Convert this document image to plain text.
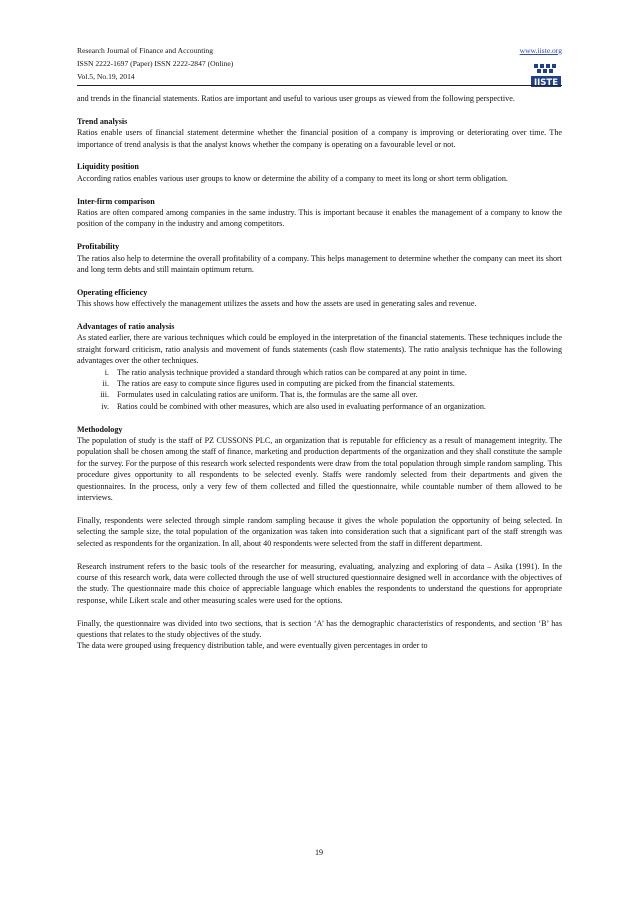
Research Journal of Finance and Accounting
ISSN 2222-1697 (Paper) ISSN 2222-2847 (Online)
Vol.5, No.19, 2014
www.iiste.org
IISTE

and trends in the financial statements. Ratios are important and useful to various user groups as viewed from the following perspective.

Trend analysis

Ratios enable users of financial statement determine whether the financial position of a company is improving or deteriorating over time. The importance of trend analysis is that the analyst knows whether the company is operating on a favourable level or not.

Liquidity position

According ratios enables various user groups to know or determine the ability of a company to meet its long or short term obligation.

Inter-firm comparison

Ratios are often compared among companies in the same industry. This is important because it enables the management of a company to know the position of the company in the industry and among competitors.

Profitability

The ratios also help to determine the overall profitability of a company. This helps management to determine whether the company can meet its short and long term debts and still maintain optimum return.

Operating efficiency

This shows how effectively the management utilizes the assets and how the assets are used in generating sales and revenue.

Advantages of ratio analysis

As stated earlier, there are various techniques which could be employed in the interpretation of the financial statements. These techniques include the straight forward criticism, ratio analysis and movement of funds statements (cash flow statements). The ratio analysis technique has the following advantages over the other techniques.

i. The ratio analysis technique provided a standard through which ratios can be compared at any point in time.
ii. The ratios are easy to compute since figures used in computing are picked from the financial statements.
iii. Formulates used in calculating ratios are uniform. That is, the formulas are the same all over.
iv. Ratios could be combined with other measures, which are also used in evaluating performance of an organization.

Methodology

The population of study is the staff of PZ CUSSONS PLC, an organization that is reputable for efficiency as a result of management integrity. The population shall be chosen among the staff of finance, marketing and production departments of the organization and they shall constitute the sample for the survey. For the purpose of this research work selected respondents were draw from the total population through simple random sampling. This procedure gives opportunity to all respondents to be selected evenly. Staffs were randomly selected from their departments and given the questionnaires. In the process, only a very few of them collected and filled the questionnaire, while countable number of them allowed to be interviews.

Finally, respondents were selected through simple random sampling because it gives the whole population the opportunity of being selected. In selecting the sample size, the total population of the organization was taken into consideration such that a significant part of the staff strength was selected as respondents for the organization. In all, about 40 respondents were selected from the staff in different department.

Research instrument refers to the basic tools of the researcher for measuring, evaluating, analyzing and exploring of data – Asika (1991). In the course of this research work, data were collected through the use of well structured questionnaire designed well in accordance with the objectives of the study. The questionnaire made this choice of appreciable language which enables the respondents to understand the questions for appropriate response, while Likert scale and other measuring scales were used for the options.

Finally, the questionnaire was divided into two sections, that is section ‘A’ has the demographic characteristics of respondents, and section ‘B’ has questions that relates to the study objectives of the study.

The data were grouped using frequency distribution table, and were eventually given percentages in order to

19
